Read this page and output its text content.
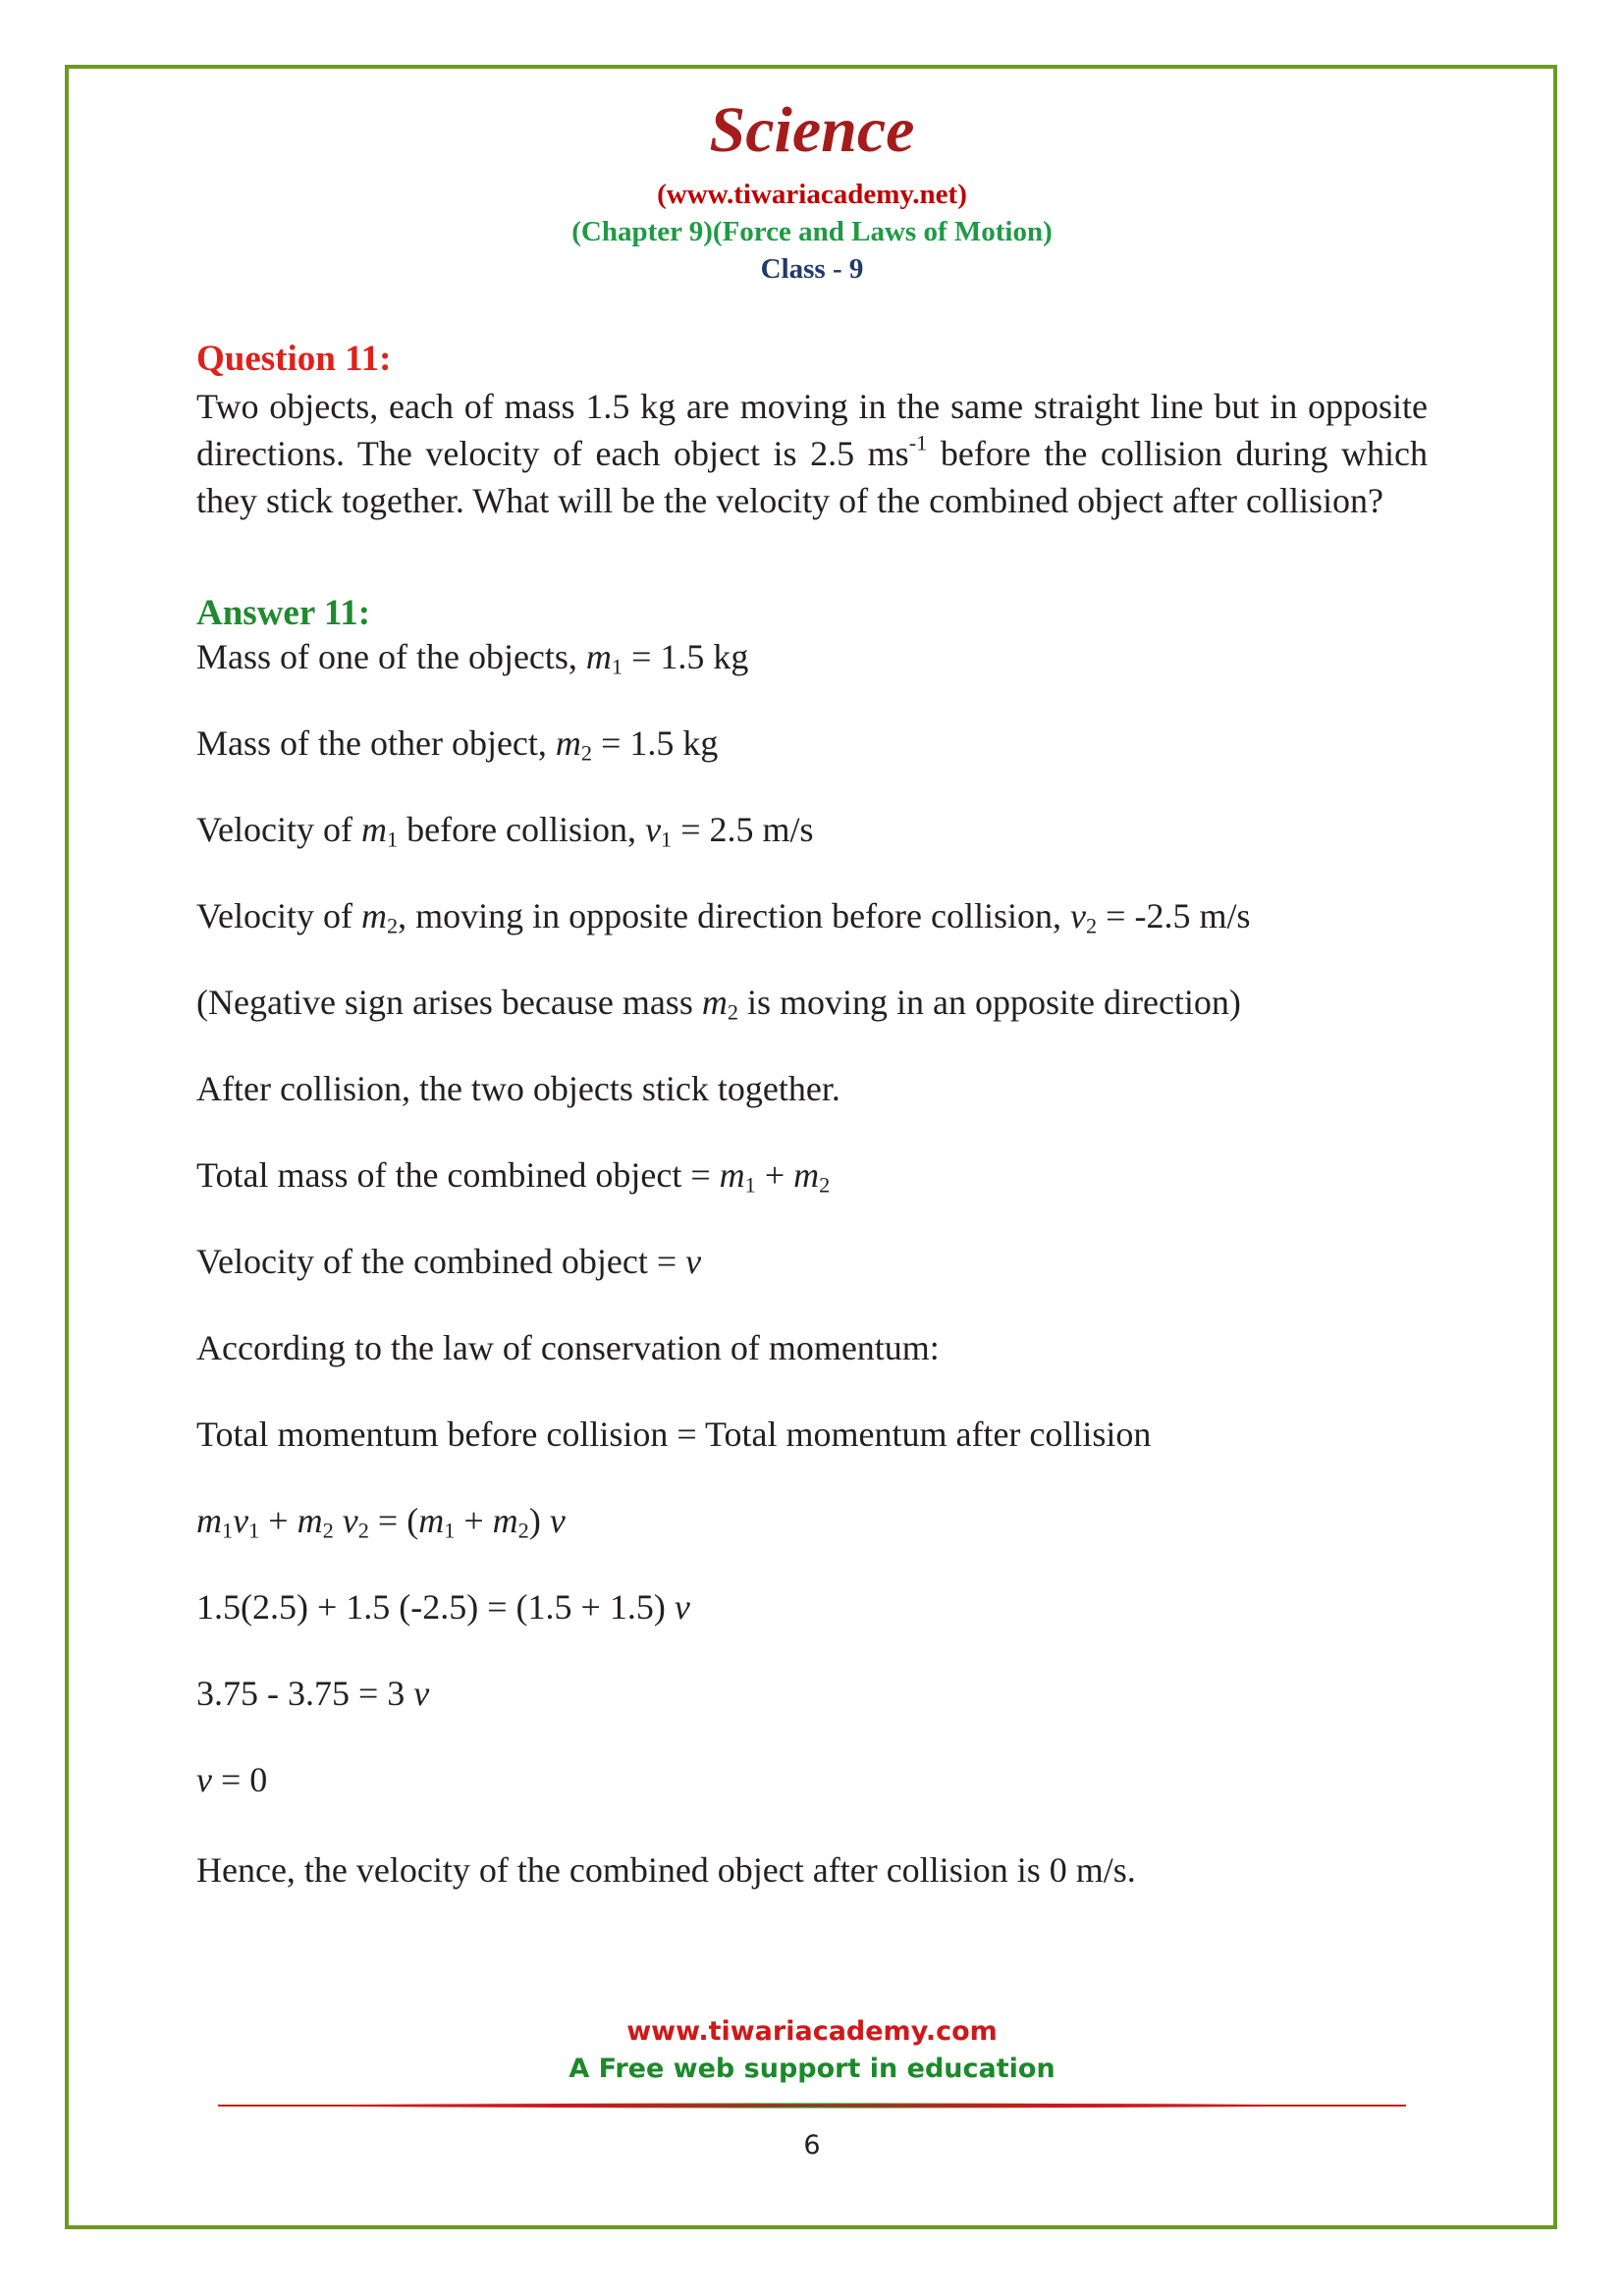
Science
(www.tiwariacademy.net)
(Chapter 9)(Force and Laws of Motion)
Class - 9
Question 11:
Two objects, each of mass 1.5 kg are moving in the same straight line but in opposite directions. The velocity of each object is 2.5 $ms^{-1}$ before the collision during which they stick together. What will be the velocity of the combined object after collision?
Answer 11:
Mass of one of the objects, $m_1 = 1.5$ kg
Mass of the other object, $m_2 = 1.5$ kg
Velocity of $m_1$ before collision, $v_1 = 2.5$ m/s
Velocity of $m_2$, moving in opposite direction before collision, $v_2 = -2.5$ m/s
(Negative sign arises because mass $m_2$ is moving in an opposite direction)
After collision, the two objects stick together.
Total mass of the combined object = $m_1 + m_2$
Velocity of the combined object = v
According to the law of conservation of momentum:
Total momentum before collision = Total momentum after collision
$m_1v_1 + m_2$ $v_2 = (m_1 + m_2)$ v
1.5(2.5) + 1.5 (-2.5) = (1.5 + 1.5) v
3.75 - 3.75 = 3 v
v = 0
Hence, the velocity of the combined object after collision is 0 m/s.
www.tiwariacademy.com
A Free web support in education
6
